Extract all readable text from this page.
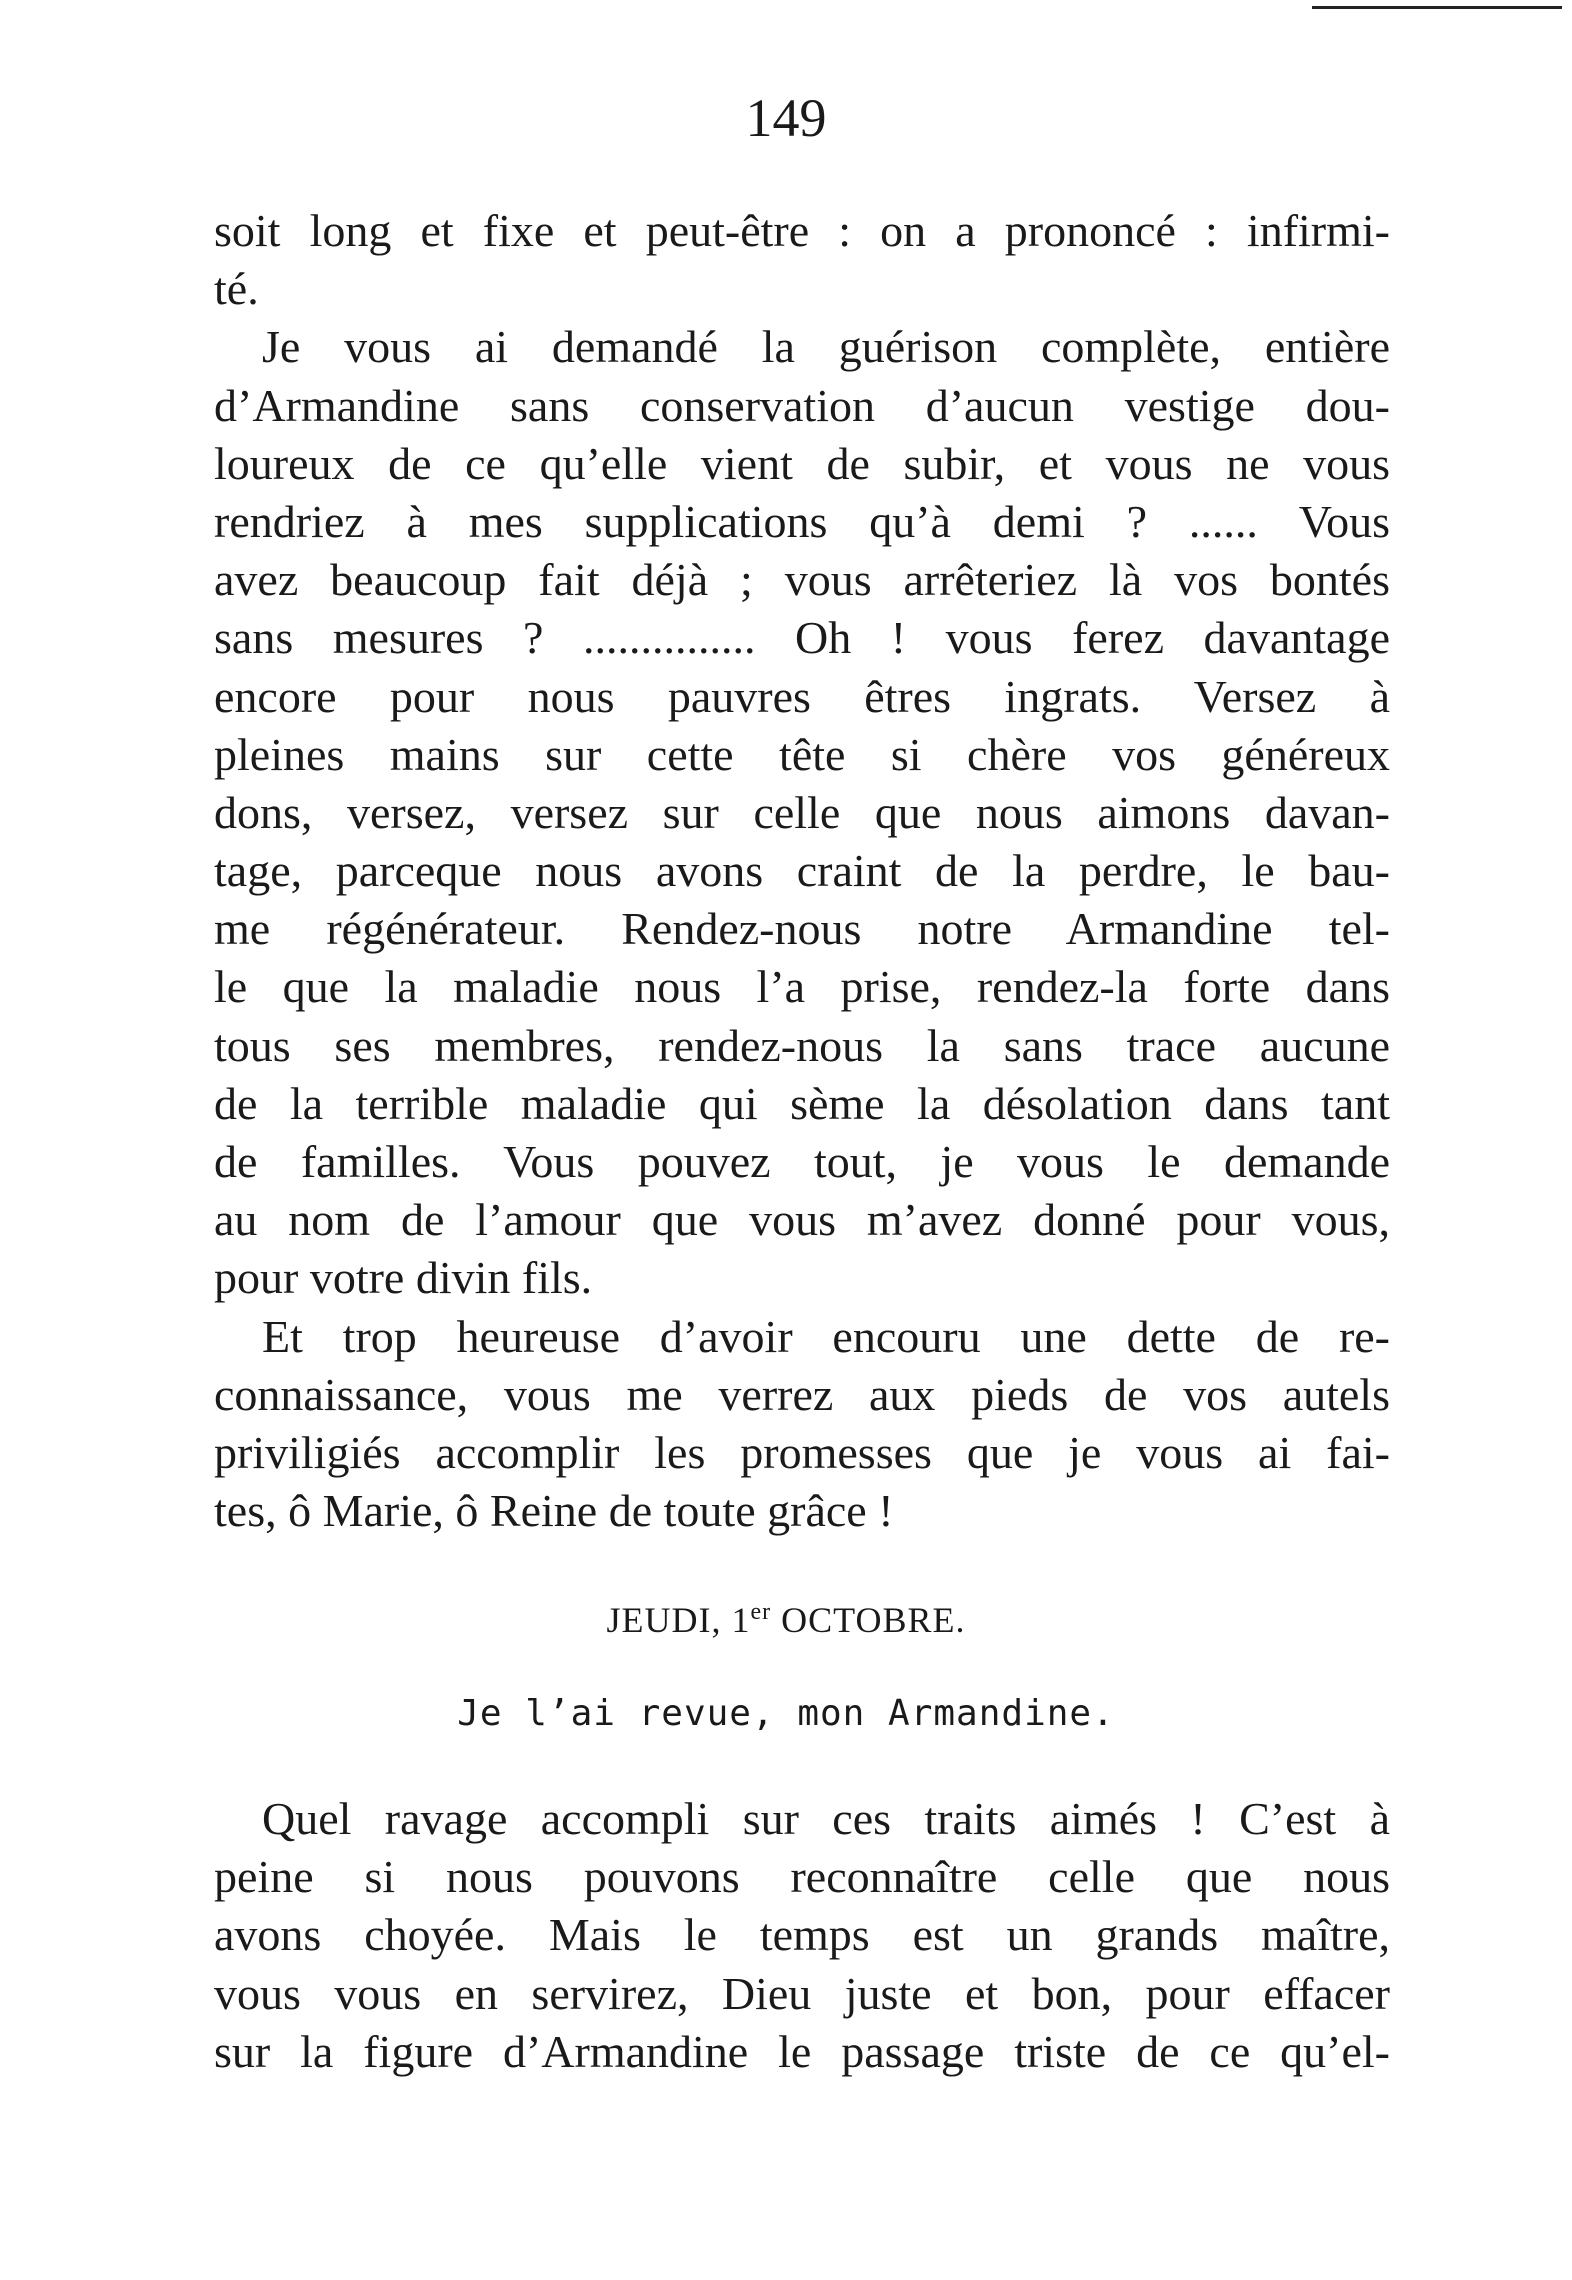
149
soit long et fixe et peut-être : on a prononcé : infirmi-
té.
Je vous ai demandé la guérison complète, entière
d’Armandine sans conservation d’aucun vestige dou-
loureux de ce qu’elle vient de subir, et vous ne vous
rendriez à mes supplications qu’à demi ? ...... Vous
avez beaucoup fait déjà ; vous arrêteriez là vos bontés
sans mesures ? ............... Oh ! vous ferez davantage
encore pour nous pauvres êtres ingrats. Versez à
pleines mains sur cette tête si chère vos généreux
dons, versez, versez sur celle que nous aimons davan-
tage, parceque nous avons craint de la perdre, le bau-
me régénérateur. Rendez-nous notre Armandine tel-
le que la maladie nous l’a prise, rendez-la forte dans
tous ses membres, rendez-nous la sans trace aucune
de la terrible maladie qui sème la désolation dans tant
de familles. Vous pouvez tout, je vous le demande
au nom de l’amour que vous m’avez donné pour vous,
pour votre divin fils.
Et trop heureuse d’avoir encouru une dette de re-
connaissance, vous me verrez aux pieds de vos autels
priviligiés accomplir les promesses que je vous ai fai-
tes, ô Marie, ô Reine de toute grâce !
JEUDI, 1er OCTOBRE.
Je l’ai revue, mon Armandine.
Quel ravage accompli sur ces traits aimés ! C’est à
peine si nous pouvons reconnaître celle que nous
avons choyée. Mais le temps est un grands maître,
vous vous en servirez, Dieu juste et bon, pour effacer
sur la figure d’Armandine le passage triste de ce qu’el-
